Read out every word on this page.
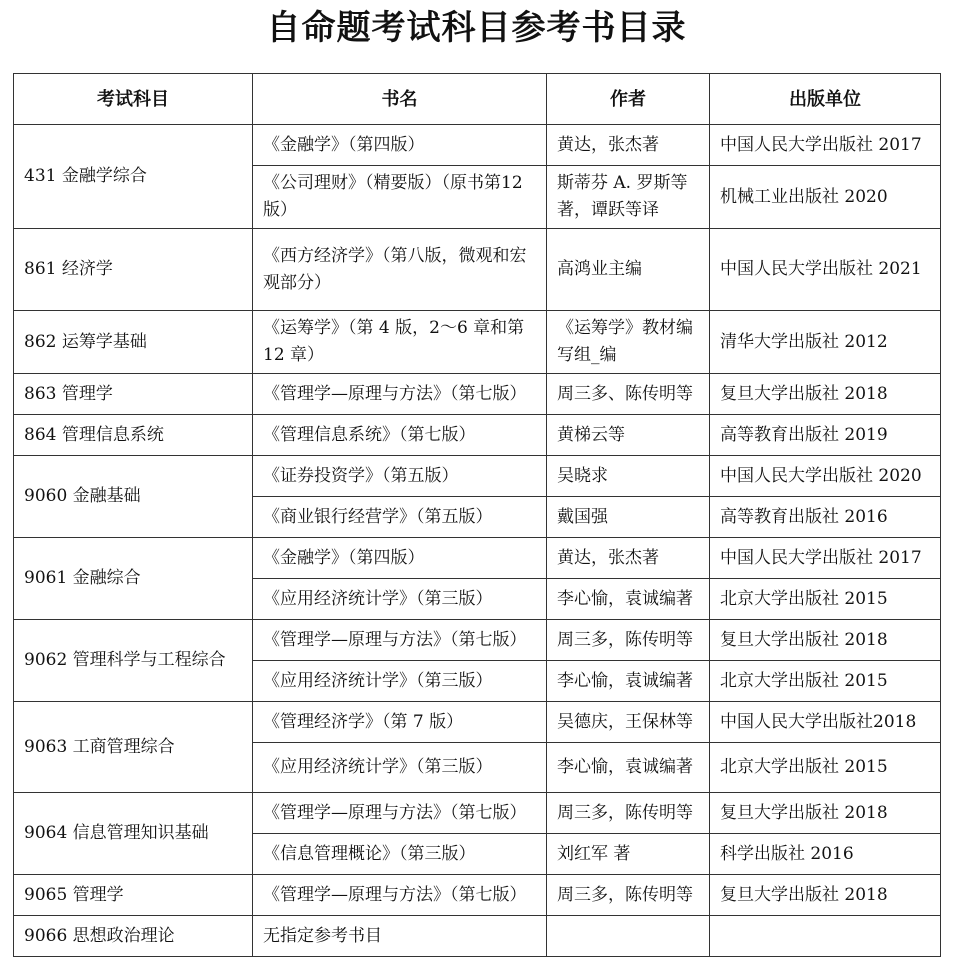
自命题考试科目参考书目录
考试科目	书名	作者	出版单位
431 金融学综合	《金融学》（第四版）	黄达，张杰著	中国人民大学出版社 2017
	《公司理财》（精要版）（原书第12 版）	斯蒂芬 A. 罗斯等著，谭跃等译	机械工业出版社 2020
861 经济学	《西方经济学》（第八版，微观和宏观部分）	高鸿业主编	中国人民大学出版社 2021
862 运筹学基础	《运筹学》（第 4 版，2～6 章和第12 章）	《运筹学》教材编写组_编	清华大学出版社 2012
863 管理学	《管理学—原理与方法》（第七版）	周三多、陈传明等	复旦大学出版社 2018
864 管理信息系统	《管理信息系统》（第七版）	黄梯云等	高等教育出版社 2019
9060 金融基础	《证券投资学》（第五版）	吴晓求	中国人民大学出版社 2020
	《商业银行经营学》（第五版）	戴国强	高等教育出版社 2016
9061 金融综合	《金融学》（第四版）	黄达，张杰著	中国人民大学出版社 2017
	《应用经济统计学》（第三版）	李心愉，袁诚编著	北京大学出版社 2015
9062 管理科学与工程综合	《管理学—原理与方法》（第七版）	周三多，陈传明等	复旦大学出版社 2018
	《应用经济统计学》（第三版）	李心愉，袁诚编著	北京大学出版社 2015
9063 工商管理综合	《管理经济学》（第 7 版）	吴德庆，王保林等	中国人民大学出版社2018
	《应用经济统计学》（第三版）	李心愉，袁诚编著	北京大学出版社 2015
9064 信息管理知识基础	《管理学—原理与方法》（第七版）	周三多，陈传明等	复旦大学出版社 2018
	《信息管理概论》（第三版）	刘红军 著	科学出版社 2016
9065 管理学	《管理学—原理与方法》（第七版）	周三多，陈传明等	复旦大学出版社 2018
9066 思想政治理论	无指定参考书目		
